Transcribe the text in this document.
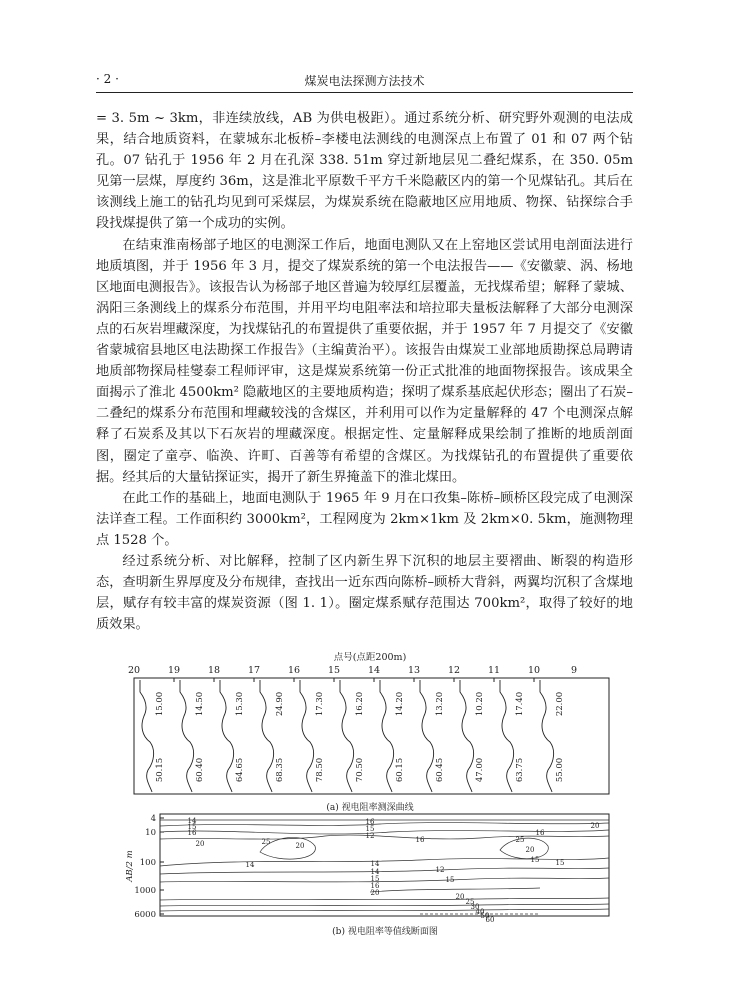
· 2 ·	煤炭电法探测方法技术

= 3. 5m ~ 3km，非连续放线，AB 为供电极距）。通过系统分析、研究野外观测的电法成果，结合地质资料，在蒙城东北板桥–李楼电法测线的电测深点上布置了 01 和 07 两个钻孔。07 钻孔于 1956 年 2 月在孔深 338. 51m 穿过新地层见二叠纪煤系，在 350. 05m 见第一层煤，厚度约 36m，这是淮北平原数千平方千米隐蔽区内的第一个见煤钻孔。其后在该测线上施工的钻孔均见到可采煤层，为煤炭系统在隐蔽地区应用地质、物探、钻探综合手段找煤提供了第一个成功的实例。

在结束淮南杨部子地区的电测深工作后，地面电测队又在上窑地区尝试用电剖面法进行地质填图，并于 1956 年 3 月，提交了煤炭系统的第一个电法报告——《安徽蒙、涡、杨地区地面电测报告》。该报告认为杨部子地区普遍为较厚红层覆盖，无找煤希望；解释了蒙城、涡阳三条测线上的煤系分布范围，并用平均电阻率法和培拉耶夫量板法解释了大部分电测深点的石灰岩埋藏深度，为找煤钻孔的布置提供了重要依据，并于 1957 年 7 月提交了《安徽省蒙城宿县地区电法勘探工作报告》（主编黄治平）。该报告由煤炭工业部地质勘探总局聘请地质部物探局桂燮泰工程师评审，这是煤炭系统第一份正式批准的地面物探报告。该成果全面揭示了淮北 4500km² 隐蔽地区的主要地质构造；探明了煤系基底起伏形态；圈出了石炭–二叠纪的煤系分布范围和埋藏较浅的含煤区，并利用可以作为定量解释的 47 个电测深点解释了石炭系及其以下石灰岩的埋藏深度。根据定性、定量解释成果绘制了推断的地质剖面图，圈定了童亭、临涣、许町、百善等有希望的含煤区。为找煤钻孔的布置提供了重要依据。经其后的大量钻探证实，揭开了新生界掩盖下的淮北煤田。

在此工作的基础上，地面电测队于 1965 年 9 月在口孜集–陈桥–顾桥区段完成了电测深法详查工程。工作面积约 3000km²，工程网度为 2km×1km 及 2km×0. 5km，施测物理点 1528 个。

经过系统分析、对比解释，控制了区内新生界下沉积的地层主要褶曲、断裂的构造形态，查明新生界厚度及分布规律，查找出一近东西向陈桥–顾桥大背斜，两翼均沉积了含煤地层，赋存有较丰富的煤炭资源（图 1. 1）。圈定煤系赋存范围达 700km²，取得了较好的地质效果。

点号(点距200m)
20	19	18	17	16	15	14	13	12	11	10	9
15.00	14.50	15.30	24.90	17.30	16.20	14.20	13.20	10.20	17.40	22.00
50.15	60.40	64.65	68.35	78.50	70.50	60.15	60.45	47.00	63.75	55.00
(a) 视电阻率测深曲线
AB/2 m
4
10
100
1000
6000
14
15
16
20	25	20
14
16
15
12
14
14
15
16
20
25
20
15
16
20
15
16
12
15
20
25
30
40
50
60
(b) 视电阻率等值线断面图
